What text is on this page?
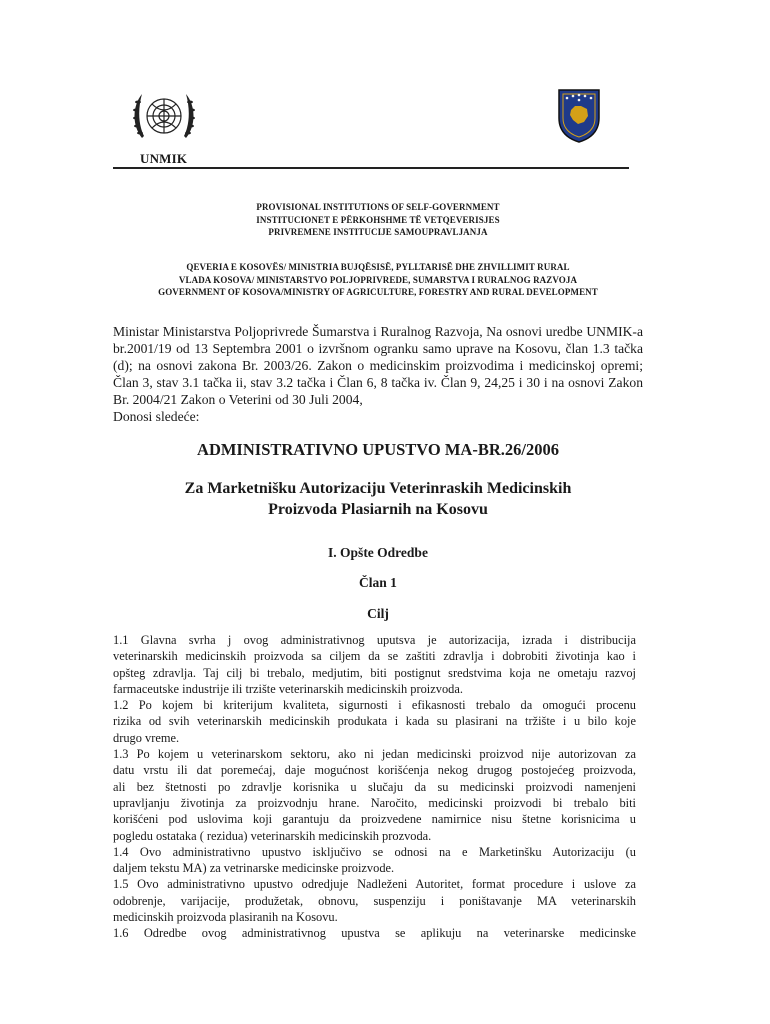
UNMIK
PROVISIONAL INSTITUTIONS OF SELF-GOVERNMENT
INSTITUCIONET E PËRKOHSHME TË VETQEVERISJES
PRIVREMENE INSTITUCIJE SAMOUPRAVLJANJA
QEVERIA E KOSOVËS/ MINISTRIA BUJQËSISË, PYLLTARISË DHE ZHVILLIMIT RURAL
VLADA KOSOVA/ MINISTARSTVO POLJOPRIVREDE, SUMARSTVA I RURALNOG RAZVOJA
GOVERNMENT OF KOSOVA/MINISTRY OF AGRICULTURE, FORESTRY AND RURAL DEVELOPMENT
Ministar Ministarstva Poljoprivrede Šumarstva i Ruralnog Razvoja, Na osnovi uredbe UNMIK-a
br.2001/19 od 13 Septembra 2001 o izvršnom ogranku samo uprave na Kosovu, član 1.3 tačka
(d); na osnovi zakona Br. 2003/26. Zakon o medicinskim proizvodima i medicinskoj opremi;
Član 3, stav 3.1 tačka ii, stav 3.2 tačka i Član 6, 8 tačka iv. Član 9, 24,25 i 30 i na osnovi Zakon
Br. 2004/21 Zakon o Veterini od 30 Juli 2004,
Donosi sledeće:
ADMINISTRATIVNO UPUSTVO MA-BR.26/2006
Za Marketnišku Autorizaciju Veterinraskih Medicinskih
Proizvoda Plasiarnih na Kosovu
I. Opšte Odredbe
Član 1
Cilj
1.1 Glavna svrha j ovog administrativnog uputsva je autorizacija, izrada i distribucija
veterinarskih medicinskih proizvoda sa ciljem da se zaštiti zdravlja i dobrobiti životinja kao i
opšteg zdravlja. Taj cilj bi trebalo, medjutim, biti postignut sredstvima koja ne ometaju razvoj
farmaceutske industrije ili trzište veterinarskih medicinskih proizvoda.
1.2 Po kojem bi kriterijum kvaliteta, sigurnosti i efikasnosti trebalo da omogući procenu
rizika od svih veterinarskih medicinskih produkata i kada su plasirani na tržište i u bilo koje
drugo vreme.
1.3 Po kojem u veterinarskom sektoru, ako ni jedan medicinski proizvod nije autorizovan za
datu vrstu ili dat poremećaj, daje mogućnost korišćenja nekog drugog postojećeg proizvoda,
ali bez štetnosti po zdravlje korisnika u slučaju da su medicinski proizvodi namenjeni
upravljanju životinja za proizvodnju hrane. Naročito, medicinski proizvodi bi trebalo biti
korišćeni pod uslovima koji garantuju da proizvedene namirnice nisu štetne korisnicima u
pogledu ostataka ( rezidua) veterinarskih medicinskih prozvoda.
1.4 Ovo administrativno upustvo isključivo se odnosi na e Marketinšku Autorizaciju (u
daljem tekstu MA) za vetrinarske medicinske proizvode.
1.5 Ovo administrativno upustvo odredjuje Nadleženi Autoritet, format procedure i uslove za
odobrenje, varijacije, produžetak, obnovu, suspenziju i poništavanje MA veterinarskih
medicinskih proizvoda plasiranih na Kosovu.
1.6 Odredbe ovog administrativnog upustva se aplikuju na veterinarske medicinske
